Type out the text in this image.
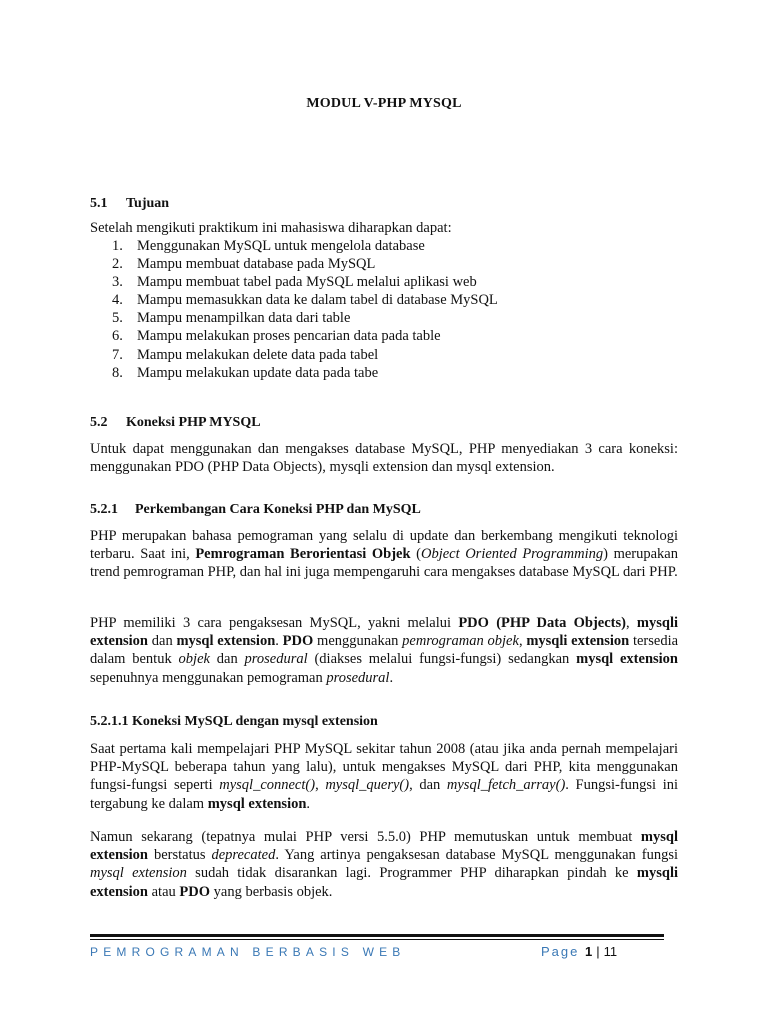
MODUL V-PHP MYSQL
5.1 Tujuan
Setelah mengikuti praktikum ini mahasiswa diharapkan dapat:
1. Menggunakan MySQL untuk mengelola database
2. Mampu membuat database pada MySQL
3. Mampu membuat tabel pada MySQL melalui aplikasi web
4. Mampu memasukkan data ke dalam tabel di database MySQL
5. Mampu menampilkan data dari table
6. Mampu melakukan proses pencarian data pada table
7. Mampu melakukan delete data pada tabel
8. Mampu melakukan update data pada tabe
5.2 Koneksi PHP MYSQL
Untuk dapat menggunakan dan mengakses database MySQL, PHP menyediakan 3 cara koneksi: menggunakan PDO (PHP Data Objects), mysqli extension dan mysql extension.
5.2.1 Perkembangan Cara Koneksi PHP dan MySQL
PHP merupakan bahasa pemograman yang selalu di update dan berkembang mengikuti teknologi terbaru. Saat ini, Pemrograman Berorientasi Objek (Object Oriented Programming) merupakan trend pemrograman PHP, dan hal ini juga mempengaruhi cara mengakses database MySQL dari PHP.
PHP memiliki 3 cara pengaksesan MySQL, yakni melalui PDO (PHP Data Objects), mysqli extension dan mysql extension. PDO menggunakan pemrograman objek, mysqli extension tersedia dalam bentuk objek dan prosedural (diakses melalui fungsi-fungsi) sedangkan mysql extension sepenuhnya menggunakan pemograman prosedural.
5.2.1.1 Koneksi MySQL dengan mysql extension
Saat pertama kali mempelajari PHP MySQL sekitar tahun 2008 (atau jika anda pernah mempelajari PHP-MySQL beberapa tahun yang lalu), untuk mengakses MySQL dari PHP, kita menggunakan fungsi-fungsi seperti mysql_connect(), mysql_query(), dan mysql_fetch_array(). Fungsi-fungsi ini tergabung ke dalam mysql extension.
Namun sekarang (tepatnya mulai PHP versi 5.5.0) PHP memutuskan untuk membuat mysql extension berstatus deprecated. Yang artinya pengaksesan database MySQL menggunakan fungsi mysql extension sudah tidak disarankan lagi. Programmer PHP diharapkan pindah ke mysqli extension atau PDO yang berbasis objek.
PEMROGRAMAN BERBASIS WEB	Page 1 | 11
